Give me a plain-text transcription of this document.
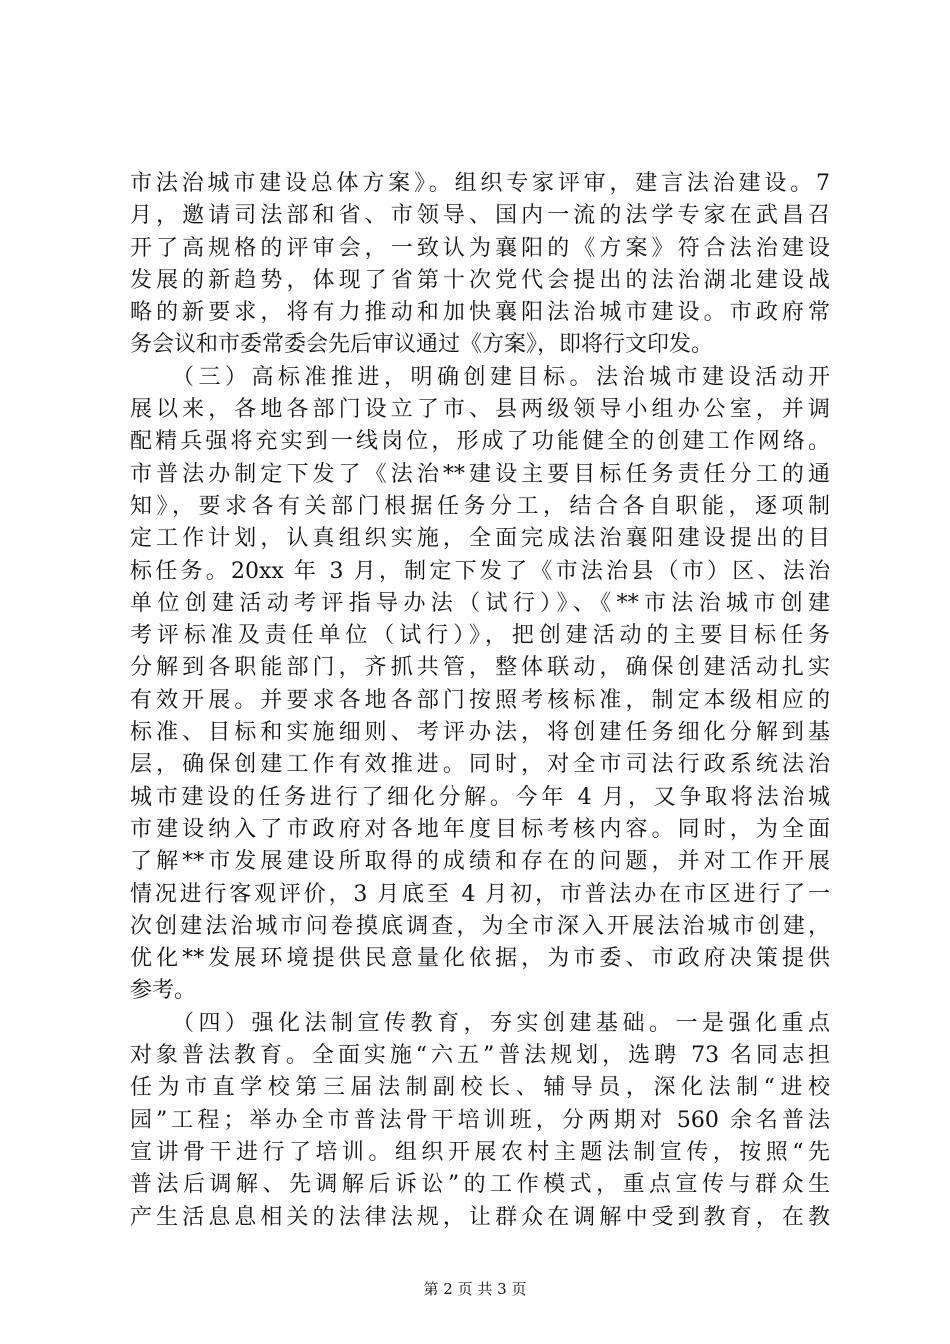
市法治城市建设总体方案》。组织专家评审，建言法治建设。7
月，邀请司法部和省、市领导、国内一流的法学专家在武昌召
开了高规格的评审会，一致认为襄阳的《方案》符合法治建设
发展的新趋势，体现了省第十次党代会提出的法治湖北建设战
略的新要求，将有力推动和加快襄阳法治城市建设。市政府常
务会议和市委常委会先后审议通过《方案》，即将行文印发。
　　（三）高标准推进，明确创建目标。法治城市建设活动开
展以来，各地各部门设立了市、县两级领导小组办公室，并调
配精兵强将充实到一线岗位，形成了功能健全的创建工作网络。
市普法办制定下发了《法治**建设主要目标任务责任分工的通
知》，要求各有关部门根据任务分工，结合各自职能，逐项制
定工作计划，认真组织实施，全面完成法治襄阳建设提出的目
标任务。20xx 年 3 月，制定下发了《市法治县（市）区、法治
单位创建活动考评指导办法（试行）》、《**市法治城市创建
考评标准及责任单位（试行）》，把创建活动的主要目标任务
分解到各职能部门，齐抓共管，整体联动，确保创建活动扎实
有效开展。并要求各地各部门按照考核标准，制定本级相应的
标准、目标和实施细则、考评办法，将创建任务细化分解到基
层，确保创建工作有效推进。同时，对全市司法行政系统法治
城市建设的任务进行了细化分解。今年 4 月，又争取将法治城
市建设纳入了市政府对各地年度目标考核内容。同时，为全面
了解**市发展建设所取得的成绩和存在的问题，并对工作开展
情况进行客观评价，3 月底至 4 月初，市普法办在市区进行了一
次创建法治城市问卷摸底调查，为全市深入开展法治城市创建，
优化**发展环境提供民意量化依据，为市委、市政府决策提供
参考。
　　（四）强化法制宣传教育，夯实创建基础。一是强化重点
对象普法教育。全面实施“六五”普法规划，选聘 73 名同志担
任为市直学校第三届法制副校长、辅导员，深化法制“进校
园”工程；举办全市普法骨干培训班，分两期对 560 余名普法
宣讲骨干进行了培训。组织开展农村主题法制宣传，按照“先
普法后调解、先调解后诉讼”的工作模式，重点宣传与群众生
产生活息息相关的法律法规，让群众在调解中受到教育，在教
第 2 页 共 3 页
